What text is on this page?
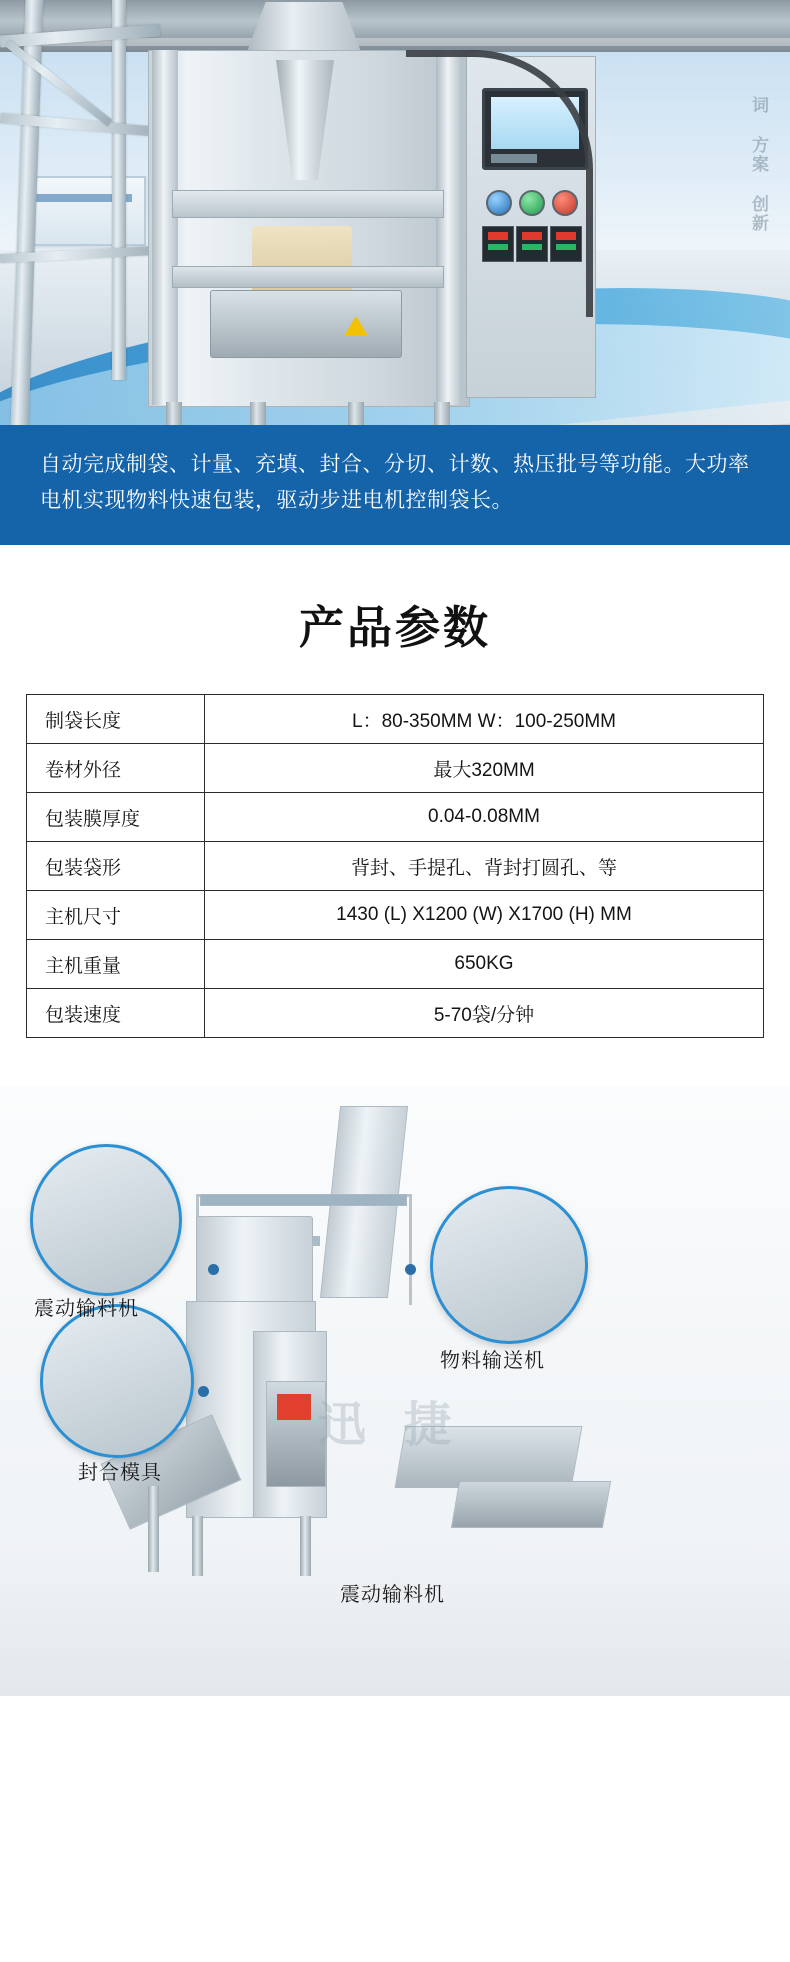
词 方案 创新

自动完成制袋、计量、充填、封合、分切、计数、热压批号等功能。大功率电机实现物料快速包装，驱动步进电机控制袋长。

产品参数
制袋长度	L：80-350MM W：100-250MM
卷材外径	最大320MM
包装膜厚度	0.04-0.08MM
包装袋形	背封、手提孔、背封打圆孔、等
主机尺寸	1430 (L) X1200 (W) X1700 (H) MM
主机重量	650KG
包装速度	5-70袋/分钟
迅 捷
震动输料机
封合模具
物料输送机
震动输料机
